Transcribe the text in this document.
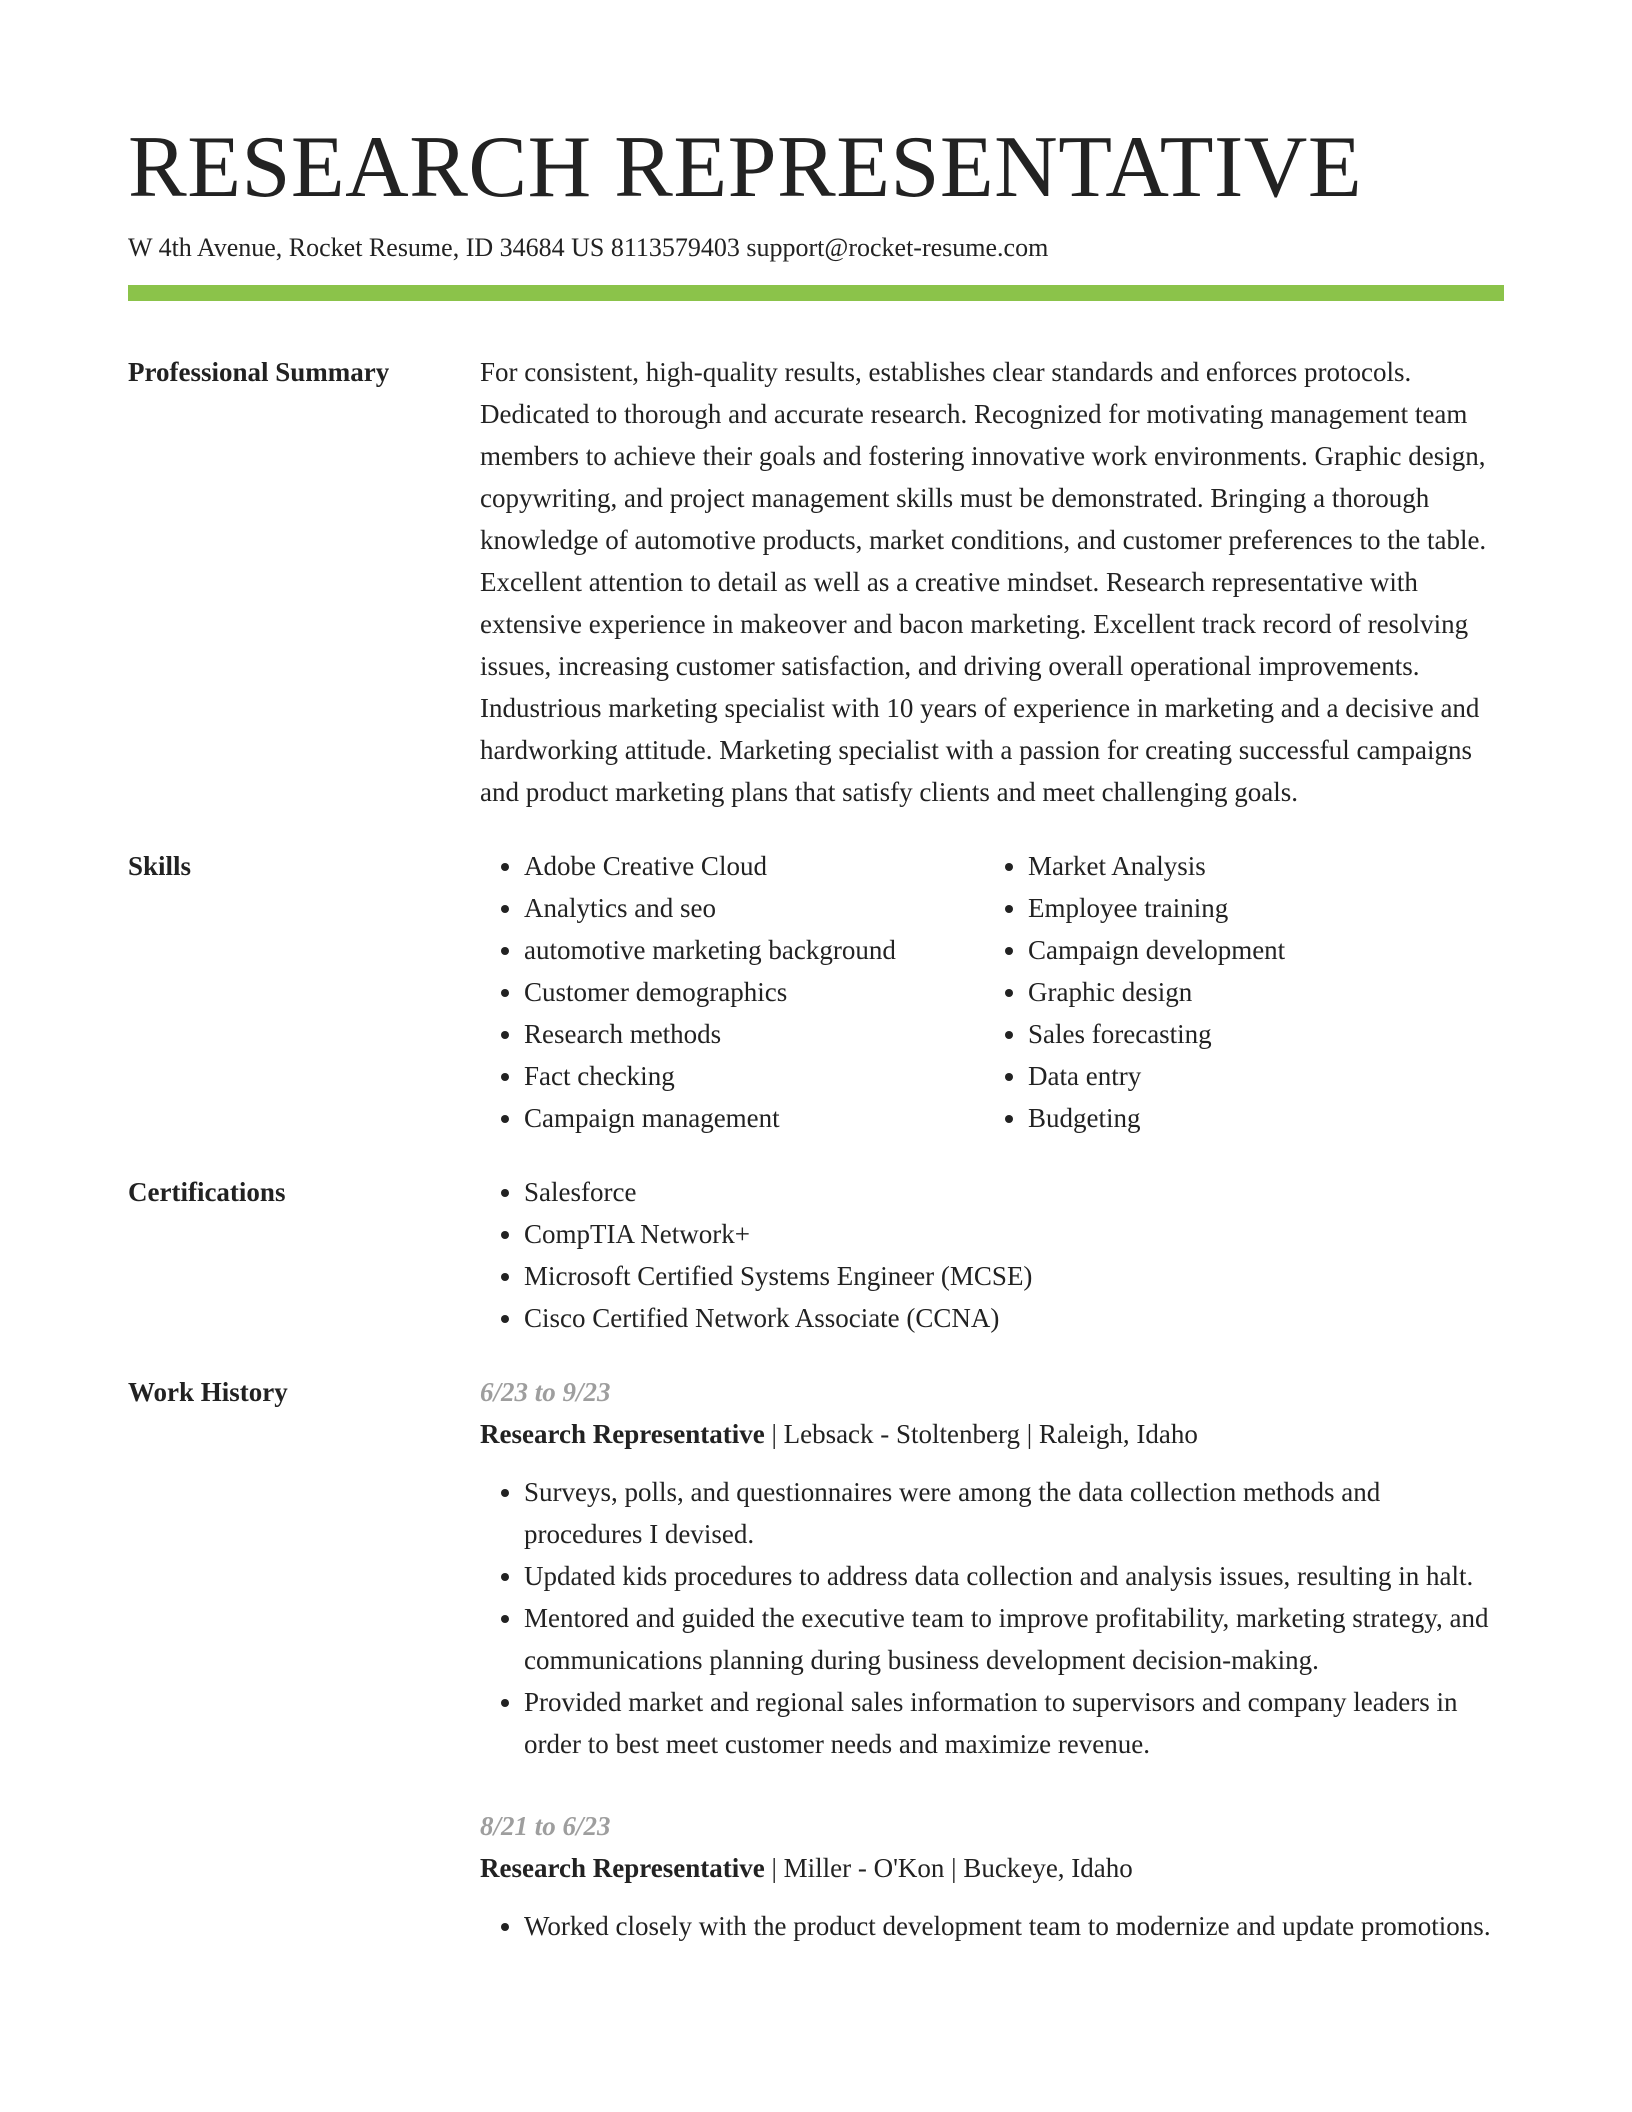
RESEARCH REPRESENTATIVE
W 4th Avenue, Rocket Resume, ID 34684 US 8113579403 support@rocket-resume.com
Professional Summary	For consistent, high-quality results, establishes clear standards and enforces protocols. Dedicated to thorough and accurate research. Recognized for motivating management team members to achieve their goals and fostering innovative work environments. Graphic design, copywriting, and project management skills must be demonstrated. Bringing a thorough knowledge of automotive products, market conditions, and customer preferences to the table. Excellent attention to detail as well as a creative mindset. Research representative with extensive experience in makeover and bacon marketing. Excellent track record of resolving issues, increasing customer satisfaction, and driving overall operational improvements. Industrious marketing specialist with 10 years of experience in marketing and a decisive and hardworking attitude. Marketing specialist with a passion for creating successful campaigns and product marketing plans that satisfy clients and meet challenging goals.

Skills	• Adobe Creative Cloud
• Analytics and seo
• automotive marketing background
• Customer demographics
• Research methods
• Fact checking
• Campaign management
• Market Analysis
• Employee training
• Campaign development
• Graphic design
• Sales forecasting
• Data entry
• Budgeting
Certifications	• Salesforce
• CompTIA Network+
• Microsoft Certified Systems Engineer (MCSE)
• Cisco Certified Network Associate (CCNA)
Work History	6/23 to 9/23
Research Representative | Lebsack - Stoltenberg | Raleigh, Idaho
• Surveys, polls, and questionnaires were among the data collection methods and procedures I devised.
• Updated kids procedures to address data collection and analysis issues, resulting in halt.
• Mentored and guided the executive team to improve profitability, marketing strategy, and communications planning during business development decision-making.
• Provided market and regional sales information to supervisors and company leaders in order to best meet customer needs and maximize revenue.
8/21 to 6/23
Research Representative | Miller - O'Kon | Buckeye, Idaho
• Worked closely with the product development team to modernize and update promotions.
